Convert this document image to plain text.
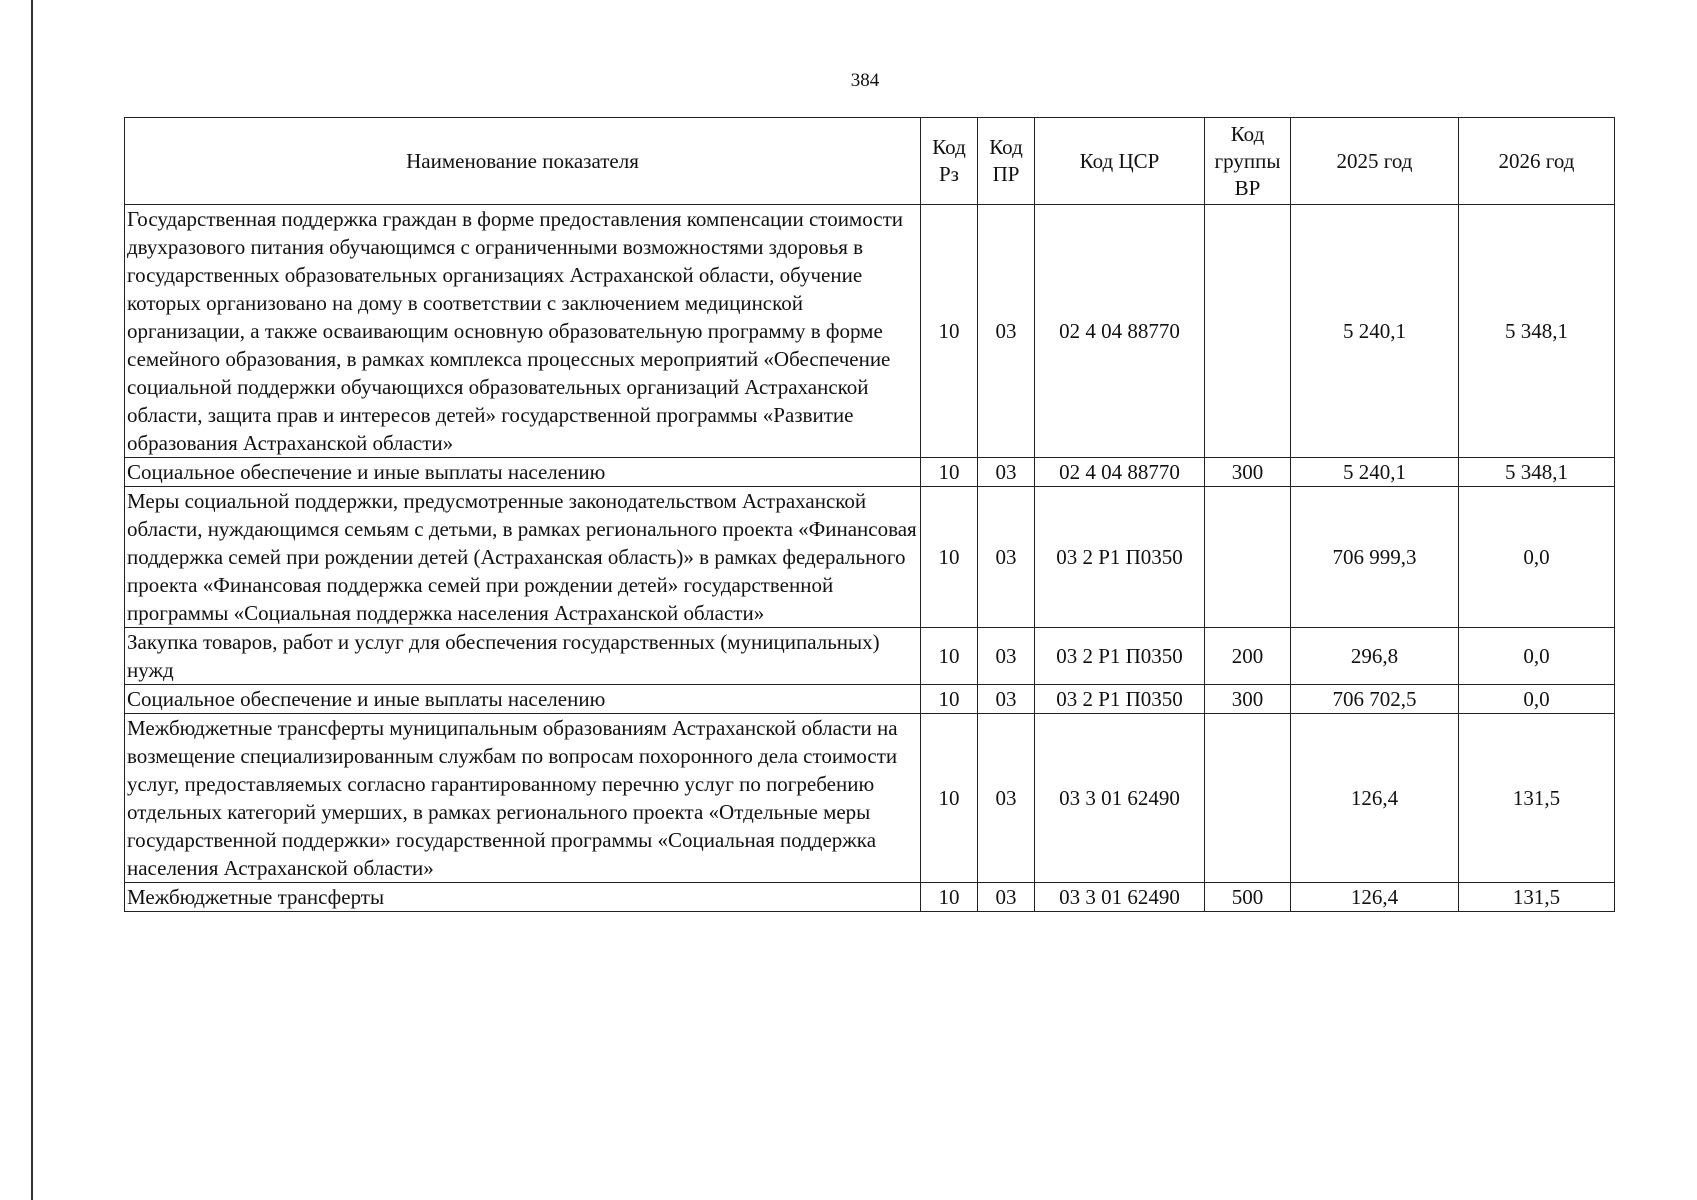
384
Наименование показателя	Код Рз	Код ПР	Код ЦСР	Код группы ВР	2025 год	2026 год
Государственная поддержка граждан в форме предоставления компенсации стоимости двухразового питания обучающимся с ограниченными возможностями здоровья в государственных образовательных организациях Астраханской области, обучение которых организовано на дому в соответствии с заключением медицинской организации, а также осваивающим основную образовательную программу в форме семейного образования, в рамках комплекса процессных мероприятий «Обеспечение социальной поддержки обучающихся образовательных организаций Астраханской области, защита прав и интересов детей» государственной программы «Развитие образования Астраханской области»	10	03	02 4 04 88770		5 240,1	5 348,1
Социальное обеспечение и иные выплаты населению	10	03	02 4 04 88770	300	5 240,1	5 348,1
Меры социальной поддержки, предусмотренные законодательством Астраханской области, нуждающимся семьям с детьми, в рамках регионального проекта «Финансовая поддержка семей при рождении детей (Астраханская область)» в рамках федерального проекта «Финансовая поддержка семей при рождении детей» государственной программы «Социальная поддержка населения Астраханской области»	10	03	03 2 Р1 П0350		706 999,3	0,0
Закупка товаров, работ и услуг для обеспечения государственных (муниципальных) нужд	10	03	03 2 Р1 П0350	200	296,8	0,0
Социальное обеспечение и иные выплаты населению	10	03	03 2 Р1 П0350	300	706 702,5	0,0
Межбюджетные трансферты муниципальным образованиям Астраханской области на возмещение специализированным службам по вопросам похоронного дела стоимости услуг, предоставляемых согласно гарантированному перечню услуг по погребению отдельных категорий умерших, в рамках регионального проекта «Отдельные меры государственной поддержки» государственной программы «Социальная поддержка населения Астраханской области»	10	03	03 3 01 62490		126,4	131,5
Межбюджетные трансферты	10	03	03 3 01 62490	500	126,4	131,5
